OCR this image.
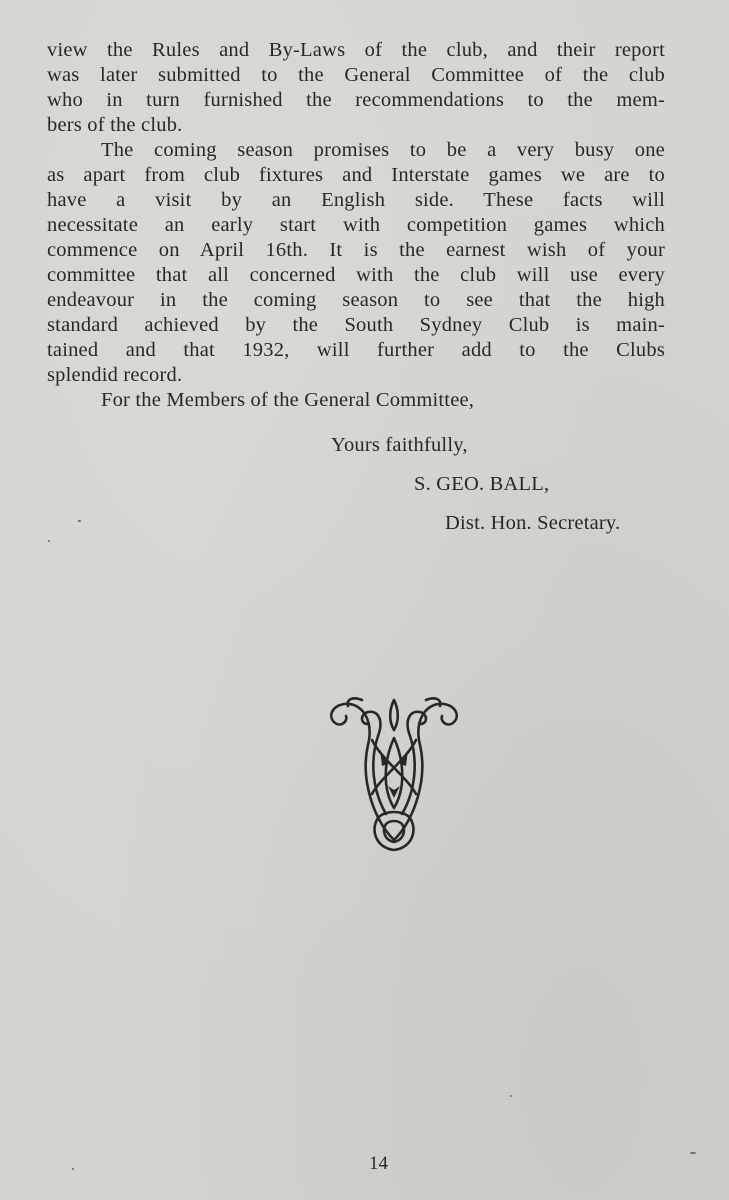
view the Rules and By-Laws of the club, and their report
was later submitted to the General Committee of the club
who in turn furnished the recommendations to the mem-
bers of the club.
The coming season promises to be a very busy one
as apart from club fixtures and Interstate games we are to
have a visit by an English side. These facts will
necessitate an early start with competition games which
commence on April 16th. It is the earnest wish of your
committee that all concerned with the club will use every
endeavour in the coming season to see that the high
standard achieved by the South Sydney Club is main-
tained and that 1932, will further add to the Clubs
splendid record.
For the Members of the General Committee,
Yours faithfully,
S. GEO. BALL,
Dist. Hon. Secretary.
14
